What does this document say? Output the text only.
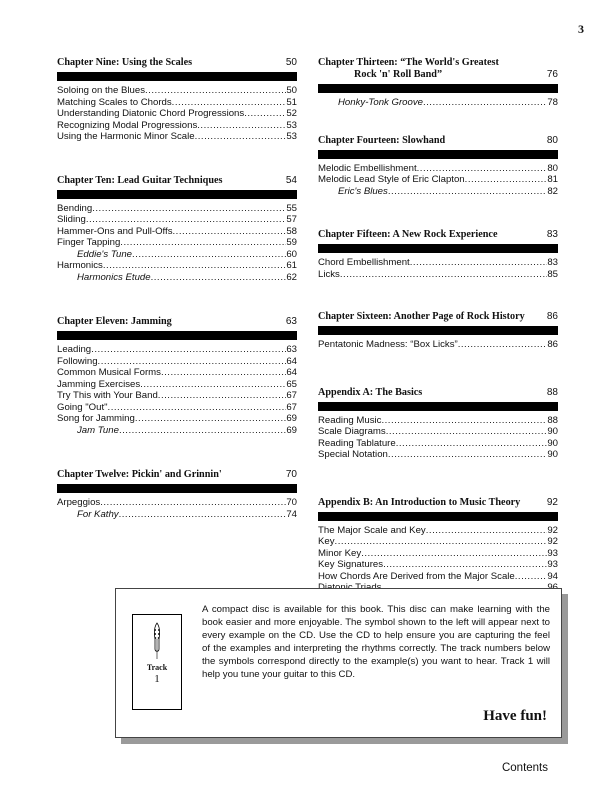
3
Chapter Nine: Using the Scales	50
Soloing on the Blues .....	50
Matching Scales to Chords .....	51
Understanding Diatonic Chord Progressions .....	52
Recognizing Modal Progressions .....	53
Using the Harmonic Minor Scale .....	53
Chapter Ten: Lead Guitar Techniques	54
Bending .....	55
Sliding .....	57
Hammer-Ons and Pull-Offs .....	58
Finger Tapping .....	59
Eddie's Tune .....	60
Harmonics .....	61
Harmonics Etude .....	62
Chapter Eleven: Jamming	63
Leading .....	63
Following .....	64
Common Musical Forms .....	64
Jamming Exercises .....	65
Try This with Your Band .....	67
Going "Out" .....	67
Song for Jamming .....	69
Jam Tune .....	69
Chapter Twelve: Pickin' and Grinnin'	70
Arpeggios .....	70
For Kathy .....	74
Chapter Thirteen: “The World's Greatest
Rock 'n' Roll Band”	76
Honky-Tonk Groove .....	78
Chapter Fourteen: Slowhand	80
Melodic Embellishment .....	80
Melodic Lead Style of Eric Clapton .....	81
Eric's Blues .....	82
Chapter Fifteen: A New Rock Experience	83
Chord Embellishment .....	83
Licks .....	85
Chapter Sixteen: Another Page of Rock History 86
Pentatonic Madness: “Box Licks” .....	86
Appendix A: The Basics	88
Reading Music .....	88
Scale Diagrams .....	90
Reading Tablature .....	90
Special Notation .....	90
Appendix B: An Introduction to Music Theory	92
The Major Scale and Key .....	92
Key .....	92
Minor Key .....	93
Key Signatures .....	93
How Chords Are Derived from the Major Scale .....	94
.....
.....
Track
1
A compact disc is available for this book. This disc can make learning with the book easier and more enjoyable. The symbol shown to the left will appear next to every example on the CD. Use the CD to help ensure you are capturing the feel of the examples and interpreting the rhythms correctly. The track numbers below the symbols correspond directly to the example(s) you want to hear. Track 1 will help you tune your guitar to this CD.
Have fun!
Contents
